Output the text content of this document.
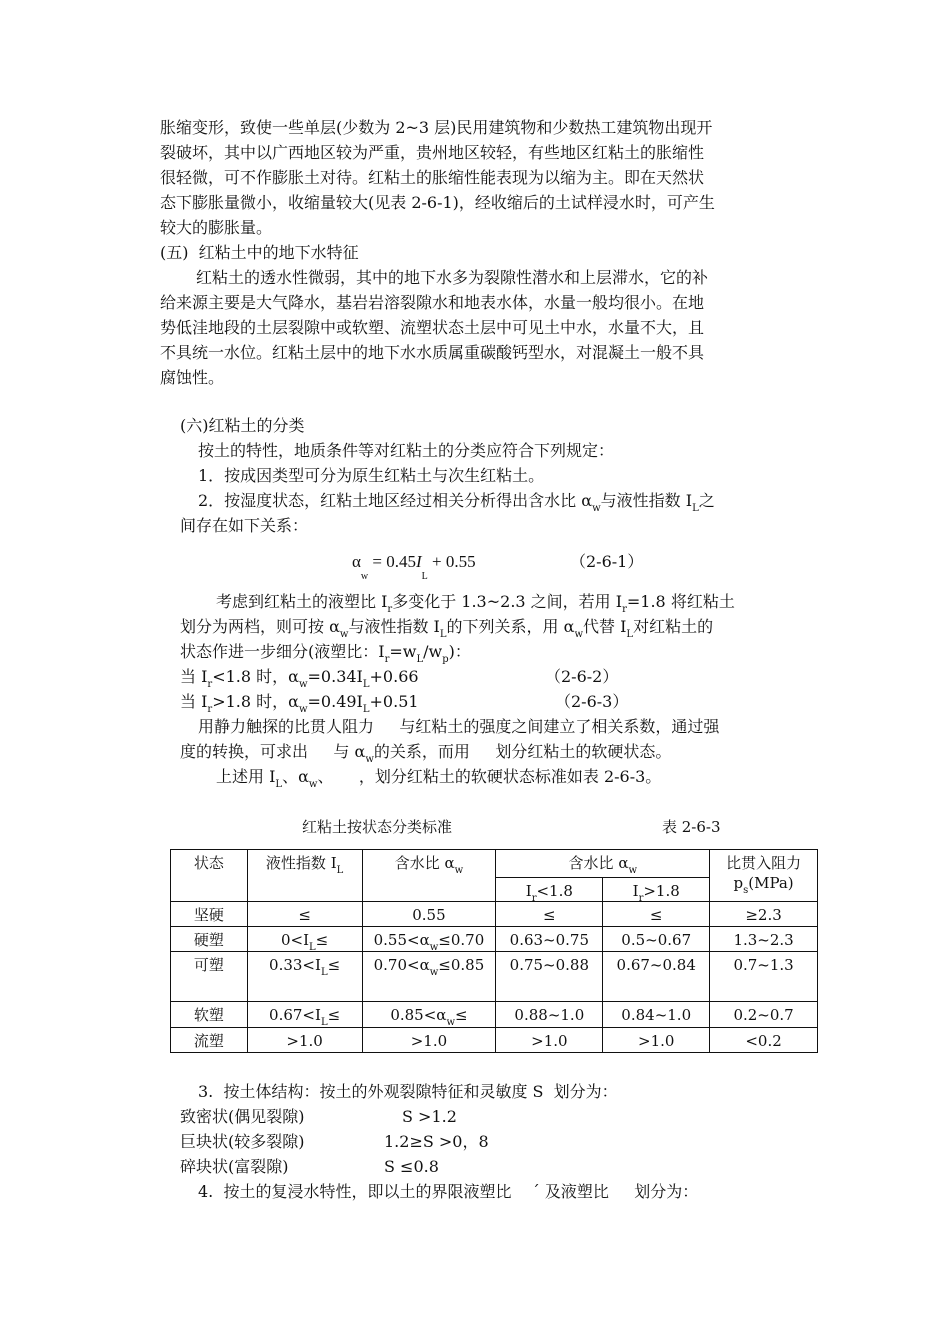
胀缩变形，致使一些单层(少数为 2~3 层)民用建筑物和少数热工建筑物出现开
裂破坏，其中以广西地区较为严重，贵州地区较轻，有些地区红粘土的胀缩性
很轻微，可不作膨胀土对待。红粘土的胀缩性能表现为以缩为主。即在天然状
态下膨胀量微小，收缩量较大(见表 2-6-1)，经收缩后的土试样浸水时，可产生
较大的膨胀量。
(五)  红粘土中的地下水特征
红粘土的透水性微弱，其中的地下水多为裂隙性潜水和上层滞水，它的补
给来源主要是大气降水，基岩岩溶裂隙水和地表水体，水量一般均很小。在地
势低洼地段的土层裂隙中或软塑、流塑状态土层中可见土中水，水量不大，且
不具统一水位。红粘土层中的地下水水质属重碳酸钙型水，对混凝土一般不具
腐蚀性。
(六)红粘土的分类
按土的特性，地质条件等对红粘土的分类应符合下列规定：
1．按成因类型可分为原生红粘土与次生红粘土。
2．按湿度状态，红粘土地区经过相关分析得出含水比 $\alpha_w$与液性指数 $I_L$之
间存在如下关系：
$\alpha_w = 0.45I_L + 0.55$	（2-6-1）
考虑到红粘土的液塑比 $I_r$多变化于 1.3~2.3 之间，若用 $I_r=1.8$ 将红粘土
划分为两档，则可按 $\alpha_w$与液性指数 $I_L$的下列关系，用 $\alpha_w$代替 $I_L$对红粘土的
状态作进一步细分(液塑比：$I_r=w_L/w_p$)：
当 $I_r<1.8$ 时，$\alpha_w=0.34I_L+0.66$	（2-6-2）
当 $I_r>1.8$ 时，$\alpha_w=0.49I_L+0.51$	（2-6-3）
用静力触探的比贯人阻力     与红粘土的强度之间建立了相关系数，通过强
度的转换，可求出     与 $\alpha_w$的关系，而用     划分红粘土的软硬状态。
上述用 $I_L$、$\alpha_w$、     ，划分红粘土的软硬状态标准如表 2-6-3。
红粘土按状态分类标准	表 2-6-3
状态	液性指数 $I_L$	含水比 $\alpha_w$	含水比 $\alpha_w$		比贯入阻力
$p_s(MPa)$
			$I_r<1.8$	$I_r>1.8$	
坚硬	≤	0.55	≤	≤	≥2.3
硬塑	$0<I_L\le$	$0.55<\alpha_w\le 0.70$	0.63~0.75	0.5~0.67	1.3~2.3
可塑	$0.33<I_L\le$	$0.70<\alpha_w\le 0.85$	0.75~0.88	0.67~0.84	0.7~1.3
软塑	$0.67<I_L\le$	$0.85<\alpha_w\le$	0.88~1.0	0.84~1.0	0.2~0.7
流塑	>1.0	>1.0	>1.0	>1.0	<0.2
3.  按土体结构：按土的外观裂隙特征和灵敏度 S  划分为：
致密状(偶见裂隙)	S >1.2
巨块状(较多裂隙)	1.2≥S >0，8
碎块状(富裂隙)	S ≤0.8
4.  按土的复浸水特性，即以土的界限液塑比    ´ 及液塑比     划分为：
